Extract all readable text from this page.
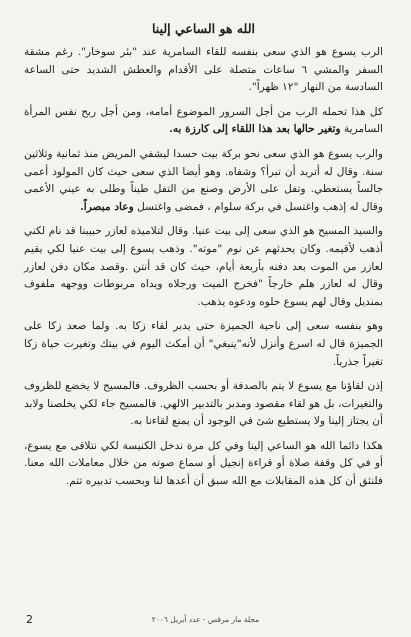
الله هو الساعي إلينا

الرب يسوع هو الذي سعى بنفسه للقاء السامرية عند "بئر سوخار". رغم مشقة السفر والمشي ٦ ساعات متصلة على الأقدام والعطش الشديد حتى الساعة السادسة من النهار "١٢ ظهراً".

كل هذا تحمله الرب من أجل السرور الموضوع أمامه، ومن أجل ربح نفس المرأة السامرية وتغير حالها بعد هذا اللقاء إلى كارزة به.

والرب يسوع هو الذي سعى نحو بركة بيت حسدا ليشفي المريض منذ ثمانية وثلاثين سنة. وقال له أتريد أن تبرأ؟ وشفاه. وهو أيضا الذي سعى حيث كان المولود أعمى جالساً يستعطي. وتفل على الأرض وصنع من التفل طيناً وطلى به عيني الأعمى وقال له إذهب واغتسل في بركة سلوام ، فمضى واغتسل وعاد مبصراً.

والسيد المسيح هو الذي سعى إلى بيت عنيا. وقال لتلاميذه لعازر حبيبنا قد نام لكني أذهب لأقيمه. وكان يحدثهم عن نوم "موته". وذهب يسوع إلى بيت عنيا لكي يقيم لعازر من الموت بعد دفنه بأربعة أيام، حيث كان قد أنتن .وقصد مكان دفن لعازر وقال له لعازر هلم خارجاً "فخرج الميت ورجلاه ويداه مربوطات ووجهه ملفوف بمنديل وقال لهم يسوع حلوه ودعوه يذهب.

وهو بنفسه سعى إلى ناحية الجميزة حتى يدبر لقاء زكا به. ولما صعد زكا على الجميزة قال له اسرع وأنزل لأنه"ينبغي" أن أمكث اليوم في بيتك وتغيرت حياة زكا تغيراً جذرياً.

إذن لقاؤنا مع يسوع لا يتم بالصدفة أو بحسب الظروف. فالمسيح لا يخضع للظروف والتغيرات، بل هو لقاء مقصود ومدبر بالتدبير الالهي. فالمسيح جاء لكي يخلصنا ولابد أن يجتاز إلينا ولا يستطيع شئ في الوجود أن يمنع لقاءنا به.

هكذا دائما الله هو الساعي إلينا وفي كل مرة ندخل الكنيسة لكي نتلاقى مع يسوع، أو في كل وقفة صلاة أو قراءة إنجيل أو سماع صوته من خلال معاملات الله معنا. فلنثق أن كل هذه المقابلات مع الله سبق أن أعدها لنا وبحسب تدبيره تتم.

مجلة مار مرقس - عدد أبريل ٢٠٠٦
2
